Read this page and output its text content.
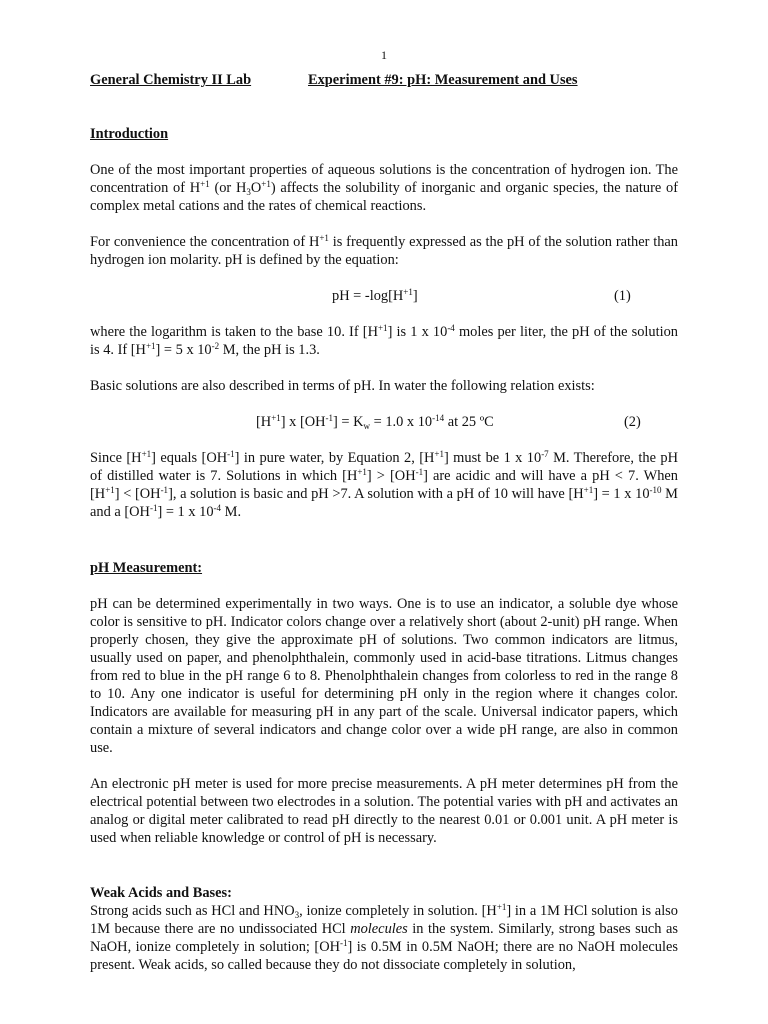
1
General Chemistry II Lab	Experiment #9: pH: Measurement and Uses
Introduction
One of the most important properties of aqueous solutions is the concentration of hydrogen ion. The concentration of $H^{+1}$ (or $H_3O^{+1}$) affects the solubility of inorganic and organic species, the nature of complex metal cations and the rates of chemical reactions.
For convenience the concentration of $H^{+1}$ is frequently expressed as the pH of the solution rather than hydrogen ion molarity. pH is defined by the equation:
pH = $-\log[H^{+1}]$	(1)
where the logarithm is taken to the base 10. If $[H^{+1}]$ is 1 x $10^{-4}$ moles per liter, the pH of the solution is 4. If $[H^{+1}] = 5$ x $10^{-2}$ M, the pH is 1.3.
Basic solutions are also described in terms of pH. In water the following relation exists:
$[H^{+1}]$ x $[OH^{-1}] = K_w = 1.0$ x $10^{-14}$ at 25 ºC	(2)
Since $[H^{+1}]$ equals $[OH^{-1}]$ in pure water, by Equation 2, $[H^{+1}]$ must be 1 x $10^{-7}$ M. Therefore, the pH of distilled water is 7. Solutions in which $[H^{+1}] > [OH^{-1}]$ are acidic and will have a pH < 7. When $[H^{+1}] < [OH^{-1}]$, a solution is basic and pH >7. A solution with a pH of 10 will have $[H^{+1}] = 1$ x $10^{-10}$ M and a $[OH^{-1}] = 1$ x $10^{-4}$ M.
pH Measurement:
pH can be determined experimentally in two ways. One is to use an indicator, a soluble dye whose color is sensitive to pH. Indicator colors change over a relatively short (about 2-unit) pH range. When properly chosen, they give the approximate pH of solutions. Two common indicators are litmus, usually used on paper, and phenolphthalein, commonly used in acid-base titrations. Litmus changes from red to blue in the pH range 6 to 8. Phenolphthalein changes from colorless to red in the range 8 to 10. Any one indicator is useful for determining pH only in the region where it changes color. Indicators are available for measuring pH in any part of the scale. Universal indicator papers, which contain a mixture of several indicators and change color over a wide pH range, are also in common use.
An electronic pH meter is used for more precise measurements. A pH meter determines pH from the electrical potential between two electrodes in a solution. The potential varies with pH and activates an analog or digital meter calibrated to read pH directly to the nearest 0.01 or 0.001 unit. A pH meter is used when reliable knowledge or control of pH is necessary.
Weak Acids and Bases:
Strong acids such as HCl and $HNO_3$, ionize completely in solution. $[H^{+1}]$ in a 1M HCl solution is also 1M because there are no undissociated HCl molecules in the system. Similarly, strong bases such as NaOH, ionize completely in solution; $[OH^{-1}]$ is 0.5M in 0.5M NaOH; there are no NaOH molecules present. Weak acids, so called because they do not dissociate completely in solution,
